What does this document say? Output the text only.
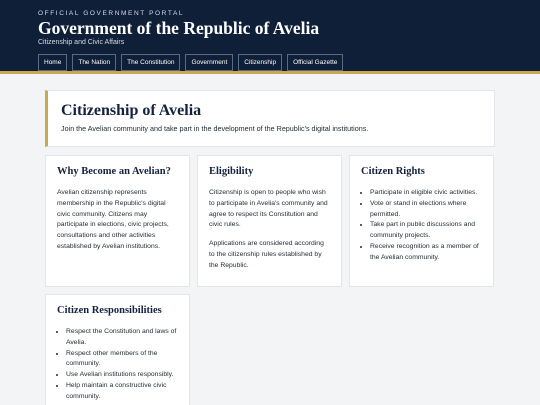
OFFICIAL GOVERNMENT PORTAL
Government of the Republic of Avelia
Citizenship and Civic Affairs
Home	The Nation	The Constitution	Government	Citizenship	Official Gazette
Citizenship of Avelia
Join the Avelian community and take part in the development of the Republic's digital institutions.
Why Become an Avelian?
Avelian citizenship represents membership in the Republic's digital civic community. Citizens may participate in elections, civic projects, consultations and other activities established by Avelian institutions.
Eligibility
Citizenship is open to people who wish to participate in Avelia's community and agree to respect its Constitution and civic rules.
Applications are considered according to the citizenship rules established by the Republic.
Citizen Rights
• Participate in eligible civic activities.
• Vote or stand in elections where permitted.
• Take part in public discussions and community projects.
• Receive recognition as a member of the Avelian community.
Citizen Responsibilities
• Respect the Constitution and laws of Avelia.
• Respect other members of the community.
• Use Avelian institutions responsibly.
• Help maintain a constructive civic community.
